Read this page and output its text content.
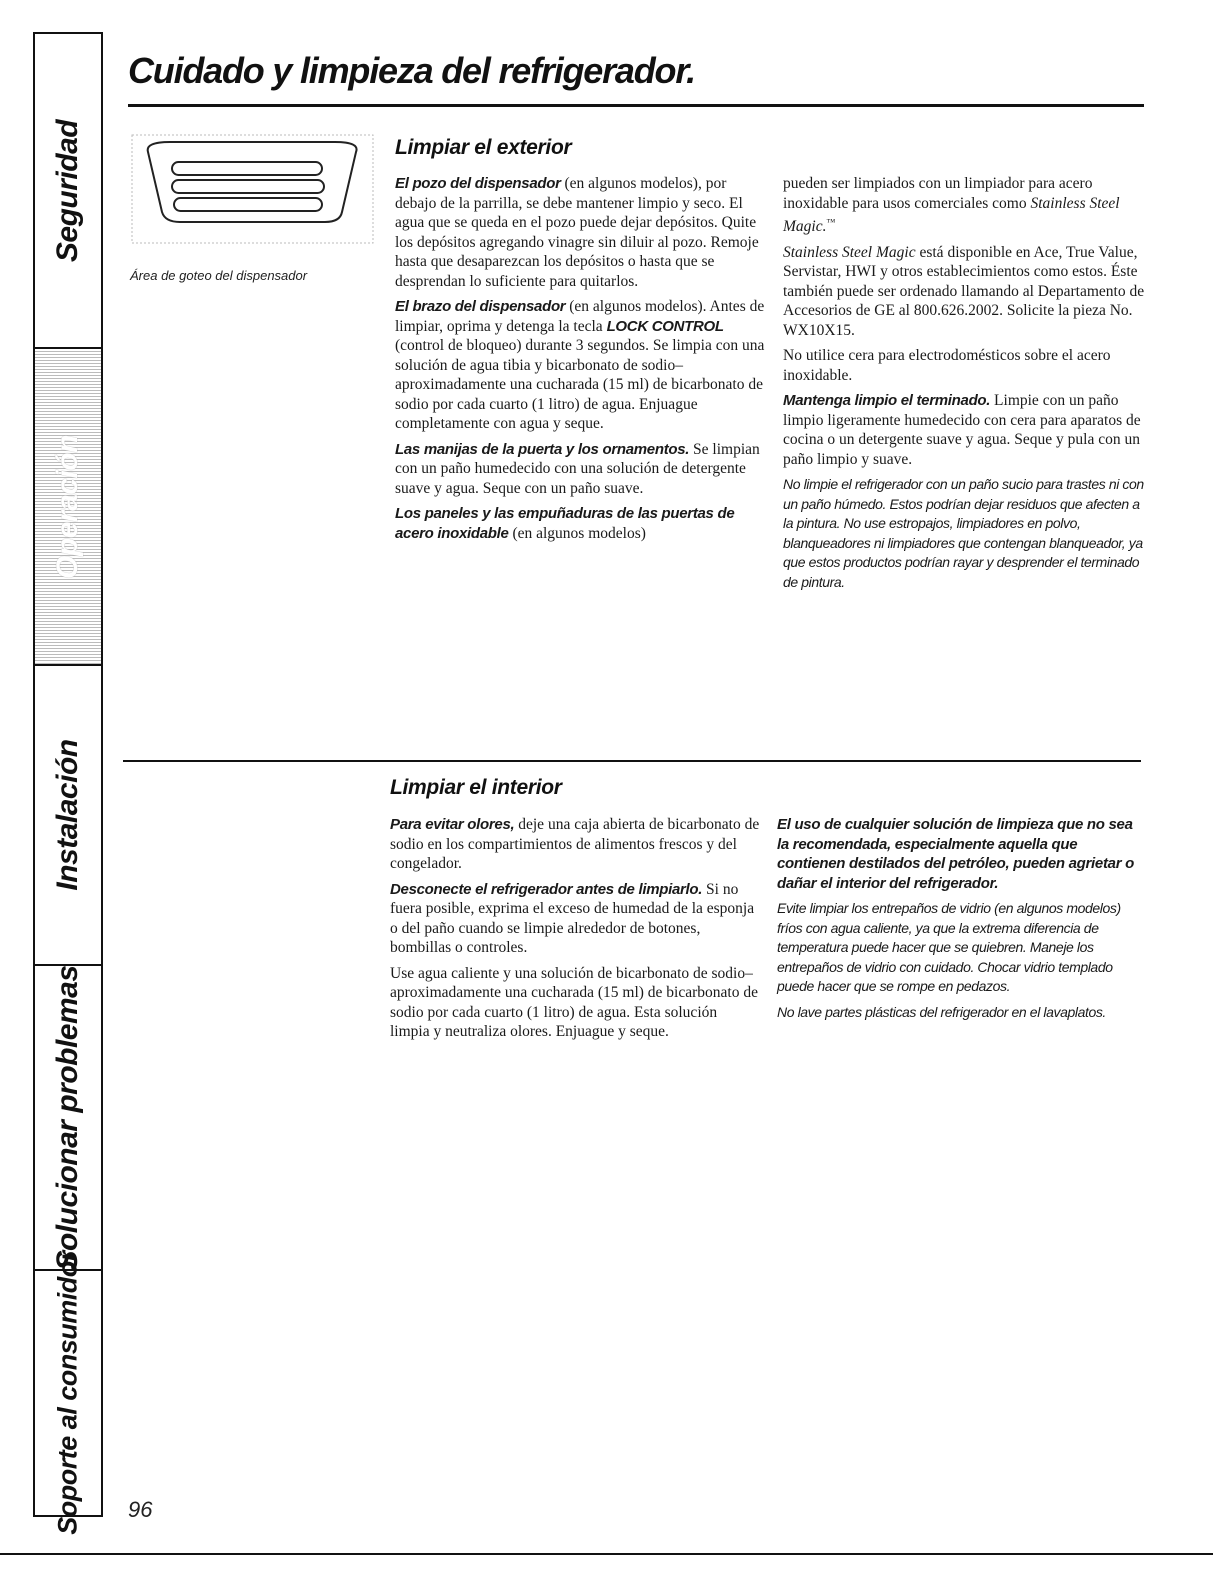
Seguridad
Operación
Instalación
Solucionar problemas
Soporte al consumidor
Cuidado y limpieza del refrigerador.
Área de goteo del dispensador
Limpiar el exterior

El pozo del dispensador (en algunos modelos), por debajo de la parrilla, se debe mantener limpio y seco. El agua que se queda en el pozo puede dejar depósitos. Quite los depósitos agregando vinagre sin diluir al pozo. Remoje hasta que desaparezcan los depósitos o hasta que se desprendan lo suficiente para quitarlos.

El brazo del dispensador (en algunos modelos). Antes de limpiar, oprima y detenga la tecla LOCK CONTROL (control de bloqueo) durante 3 segundos. Se limpia con una solución de agua tibia y bicarbonato de sodio–aproximadamente una cucharada (15 ml) de bicarbonato de sodio por cada cuarto (1 litro) de agua. Enjuague completamente con agua y seque.

Las manijas de la puerta y los ornamentos. Se limpian con un paño humedecido con una solución de detergente suave y agua. Seque con un paño suave.

Los paneles y las empuñaduras de las puertas de acero inoxidable (en algunos modelos)

pueden ser limpiados con un limpiador para acero inoxidable para usos comerciales como Stainless Steel Magic.™

Stainless Steel Magic está disponible en Ace, True Value, Servistar, HWI y otros establecimientos como estos. Éste también puede ser ordenado llamando al Departamento de Accesorios de GE al 800.626.2002. Solicite la pieza No. WX10X15.

No utilice cera para electrodomésticos sobre el acero inoxidable.

Mantenga limpio el terminado. Limpie con un paño limpio ligeramente humedecido con cera para aparatos de cocina o un detergente suave y agua. Seque y pula con un paño limpio y suave.

No limpie el refrigerador con un paño sucio para trastes ni con un paño húmedo. Estos podrían dejar residuos que afecten a la pintura. No use estropajos, limpiadores en polvo, blanqueadores ni limpiadores que contengan blanqueador, ya que estos productos podrían rayar y desprender el terminado de pintura.

Limpiar el interior

Para evitar olores, deje una caja abierta de bicarbonato de sodio en los compartimientos de alimentos frescos y del congelador.

Desconecte el refrigerador antes de limpiarlo. Si no fuera posible, exprima el exceso de humedad de la esponja o del paño cuando se limpie alrededor de botones, bombillas o controles.

Use agua caliente y una solución de bicarbonato de sodio–aproximadamente una cucharada (15 ml) de bicarbonato de sodio por cada cuarto (1 litro) de agua. Esta solución limpia y neutraliza olores. Enjuague y seque.

El uso de cualquier solución de limpieza que no sea la recomendada, especialmente aquella que contienen destilados del petróleo, pueden agrietar o dañar el interior del refrigerador.

Evite limpiar los entrepaños de vidrio (en algunos modelos) fríos con agua caliente, ya que la extrema diferencia de temperatura puede hacer que se quiebren. Maneje los entrepaños de vidrio con cuidado. Chocar vidrio templado puede hacer que se rompe en pedazos.

No lave partes plásticas del refrigerador en el lavaplatos.

96
